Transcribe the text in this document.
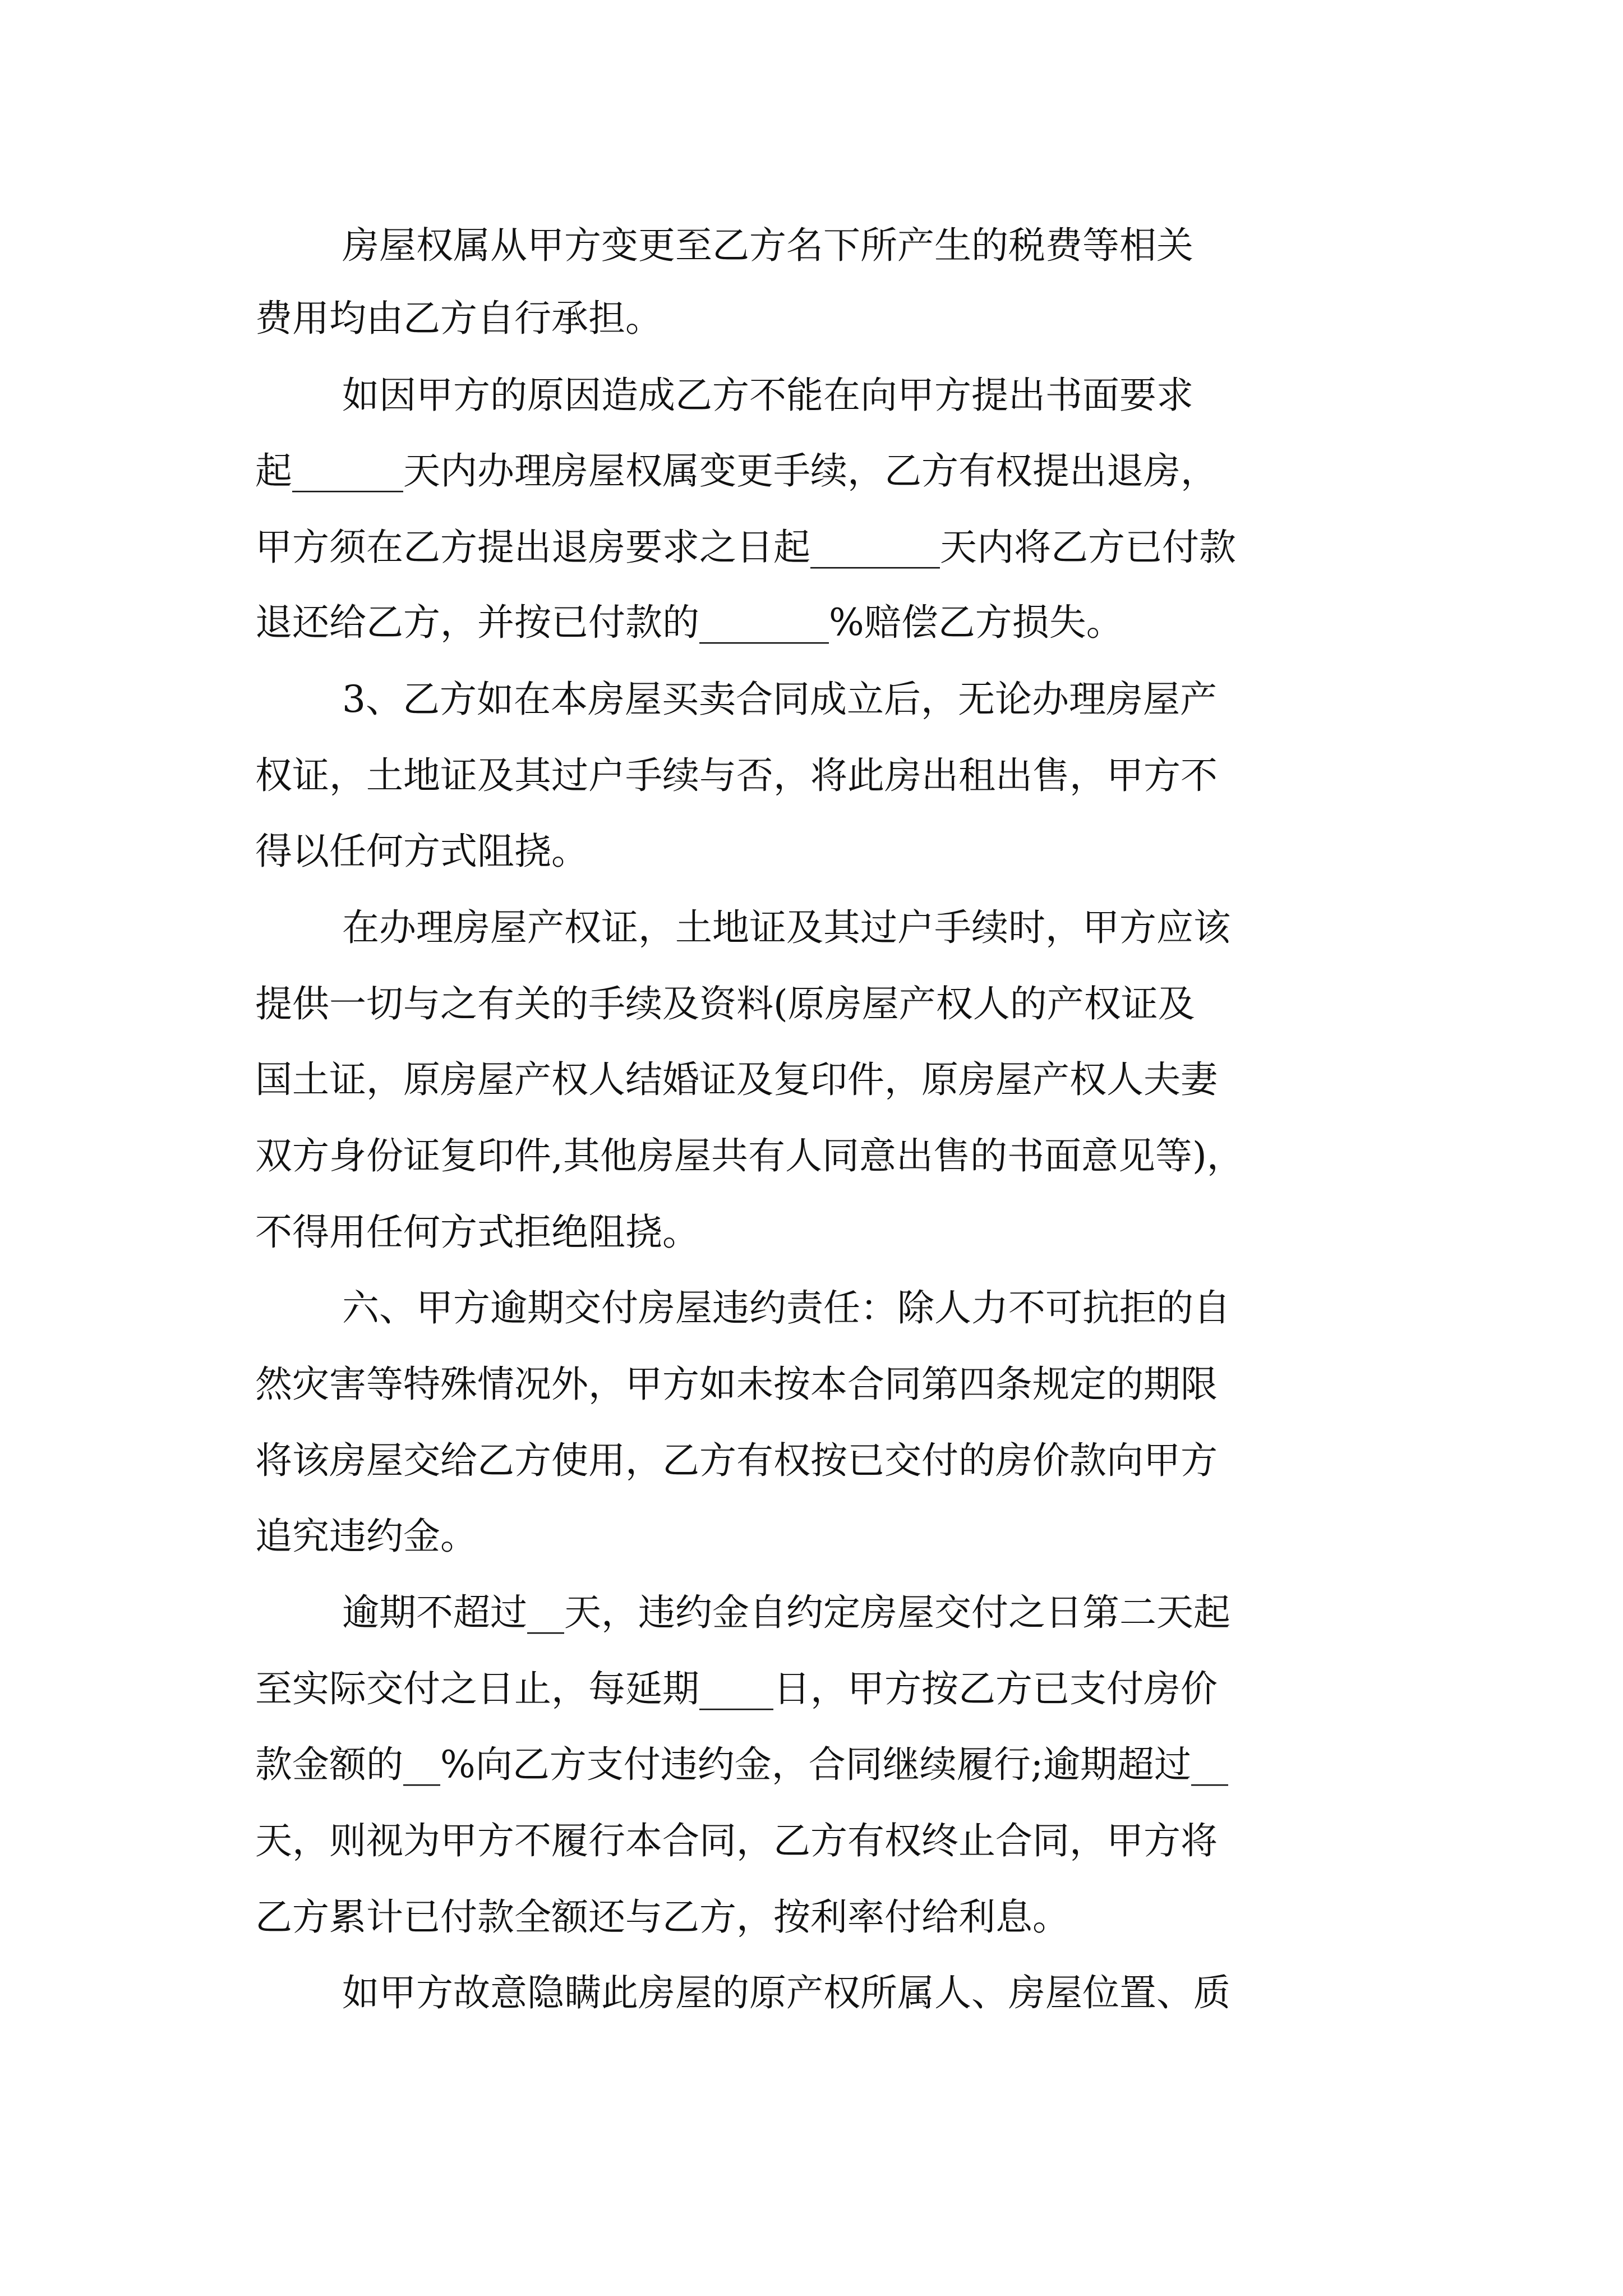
房屋权属从甲方变更至乙方名下所产生的税费等相关
费用均由乙方自行承担。
如因甲方的原因造成乙方不能在向甲方提出书面要求
起______天内办理房屋权属变更手续，乙方有权提出退房，
甲方须在乙方提出退房要求之日起_______天内将乙方已付款
退还给乙方，并按已付款的_______%赔偿乙方损失。
3、乙方如在本房屋买卖合同成立后，无论办理房屋产
权证，土地证及其过户手续与否，将此房出租出售，甲方不
得以任何方式阻挠。
在办理房屋产权证，土地证及其过户手续时，甲方应该
提供一切与之有关的手续及资料(原房屋产权人的产权证及
国土证，原房屋产权人结婚证及复印件，原房屋产权人夫妻
双方身份证复印件,其他房屋共有人同意出售的书面意见等)，
不得用任何方式拒绝阻挠。
六、甲方逾期交付房屋违约责任：除人力不可抗拒的自
然灾害等特殊情况外，甲方如未按本合同第四条规定的期限
将该房屋交给乙方使用，乙方有权按已交付的房价款向甲方
追究违约金。
逾期不超过__天，违约金自约定房屋交付之日第二天起
至实际交付之日止，每延期____日，甲方按乙方已支付房价
款金额的__%向乙方支付违约金，合同继续履行;逾期超过__
天，则视为甲方不履行本合同，乙方有权终止合同，甲方将
乙方累计已付款全额还与乙方，按利率付给利息。
如甲方故意隐瞒此房屋的原产权所属人、房屋位置、质
